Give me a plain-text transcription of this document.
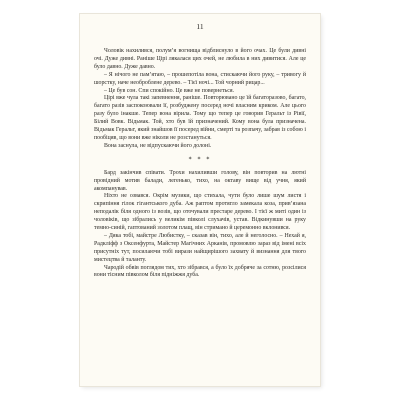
11

Чоловік нахилився, полум’я вогнища відблиснуло в його очах. Це були дивні очі. Дуже дивні. Раніше Цірі лякалася цих очей, не любила в них дивитися. Але це було давно. Дуже давно.

– Я нічого не пам’ятаю, – прошепотіла вона, стискаючи його руку, – тривогу й шорстку, наче необроблене дерево. – Тієї ночі... Той чорний рицар...

– Це був сон. Спи спокійно. Це вже не повернеться.

Цірі вже чула такі запевнення, раніше. Повторювано це їй багаторазово, багато, багато разів заспокоювали її, розбуджену посеред ночі власним криком. Але цього разу було інакше. Тепер вона вірила. Тому що тепер це говорив Геральт із Рівії, Білий Вовк. Відьмак. Той, хто був їй призначений. Кому вона була призначена. Відьмак Геральт, який знайшов її посеред війни, смерті та розпачу, забрав із собою і пообіцяв, що вони вже ніколи не розстануться.

Вона заснула, не відпускаючи його долоні.

* * *

Бард закінчив співати. Трохи нахиливши голову, він повторив на лютні провідний мотив балади, легенько, тихо, на октаву вище від учня, який акомпанував.

Ніхто не озвався. Окрім музики, що стихала, чути було лише шум листя і скрипіння гілок гігантського дуба. Аж раптом протягло замекала коза, прив’язана неподалік біля одного із возів, що оточували престаре дерево. І тієї ж миті один із чоловіків, що зібрались у великім півколі слухачів, устав. Відкинувши на руку темно-синій, гаптований золотом плащ, він стримано й церемонно вклонився.

– Дяка тобі, майстре Любистку, – сказав він, тихо, але й неголосно. – Нехай я, Радкліфф з Оксенфурта, Майстер Магічних Арканів, промовлю зараз від імені всіх присутніх тут, посилаючи тобі вирази найщирішого захвату й визнання для твого мистецтва й таланту.

Чародій обвів поглядом тих, хто зібрався, а було їх добряче за сотню, розсілися вони тісним півколом біля підніжжя дуба.
